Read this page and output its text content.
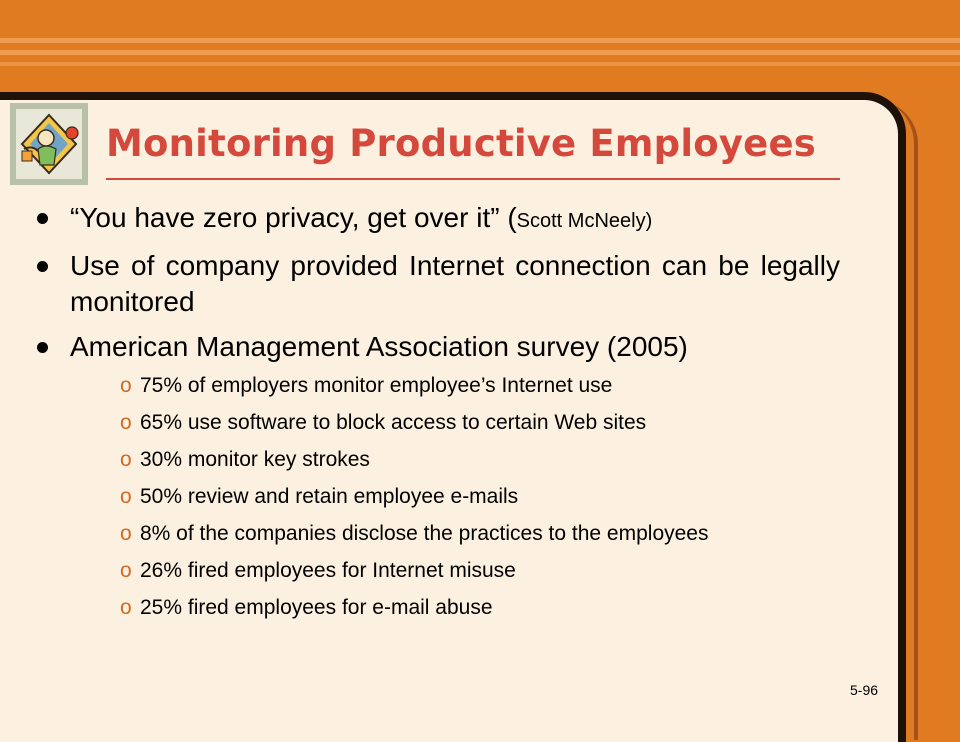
Monitoring Productive Employees
“You have zero privacy, get over it” (Scott McNeely)
Use of company provided Internet connection can be legally monitored
American Management Association survey (2005)
o 75% of employers monitor employee’s Internet use
o 65% use software to block access to certain Web sites
o 30% monitor key strokes
o 50% review and retain employee e-mails
o 8% of the companies disclose the practices to the employees
o 26% fired employees for Internet misuse
o 25% fired employees for e-mail abuse
5-96
